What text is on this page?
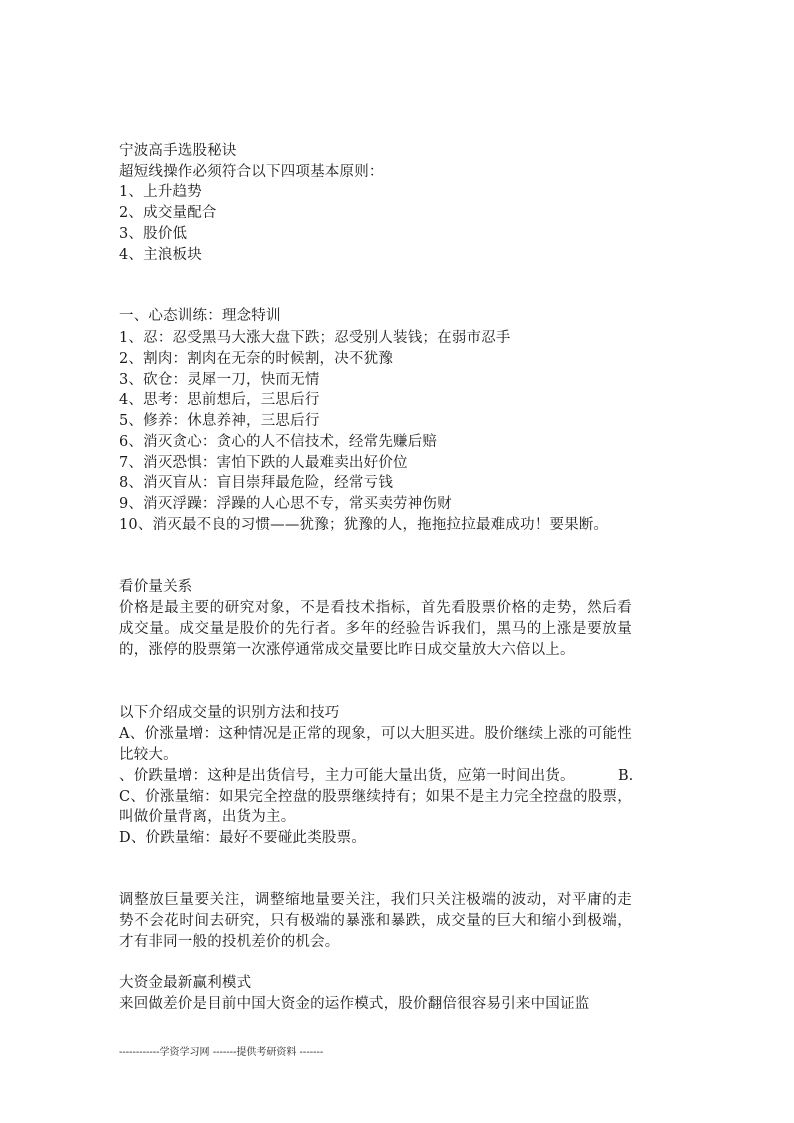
宁波高手选股秘诀
超短线操作必须符合以下四项基本原则：
1、上升趋势
2、成交量配合
3、股价低
4、主浪板块
一、心态训练：理念特训
1、忍：忍受黑马大涨大盘下跌；忍受别人装钱；在弱市忍手
2、割肉：割肉在无奈的时候割，决不犹豫
3、砍仓：灵犀一刀，快而无情
4、思考：思前想后，三思后行
5、修养：休息养神，三思后行
6、消灭贪心：贪心的人不信技术，经常先赚后赔
7、消灭恐惧：害怕下跌的人最难卖出好价位
8、消灭盲从：盲目崇拜最危险，经常亏钱
9、消灭浮躁：浮躁的人心思不专，常买卖劳神伤财
10、消灭最不良的习惯——犹豫；犹豫的人，拖拖拉拉最难成功！要果断。
看价量关系
价格是最主要的研究对象，不是看技术指标，首先看股票价格的走势，然后看
成交量。成交量是股价的先行者。多年的经验告诉我们，黑马的上涨是要放量
的，涨停的股票第一次涨停通常成交量要比昨日成交量放大六倍以上。
以下介绍成交量的识别方法和技巧
A、价涨量增：这种情况是正常的现象，可以大胆买进。股价继续上涨的可能性
比较大。
、价跌量增：这种是出货信号，主力可能大量出货，应第一时间出货。	B.
C、价涨量缩：如果完全控盘的股票继续持有；如果不是主力完全控盘的股票，
叫做价量背离，出货为主。
D、价跌量缩：最好不要碰此类股票。
调整放巨量要关注，调整缩地量要关注，我们只关注极端的波动，对平庸的走
势不会花时间去研究，只有极端的暴涨和暴跌，成交量的巨大和缩小到极端，
才有非同一般的投机差价的机会。
大资金最新赢利模式
来回做差价是目前中国大资金的运作模式，股价翻倍很容易引来中国证监
------------学资学习网 -------提供考研资料 -------
